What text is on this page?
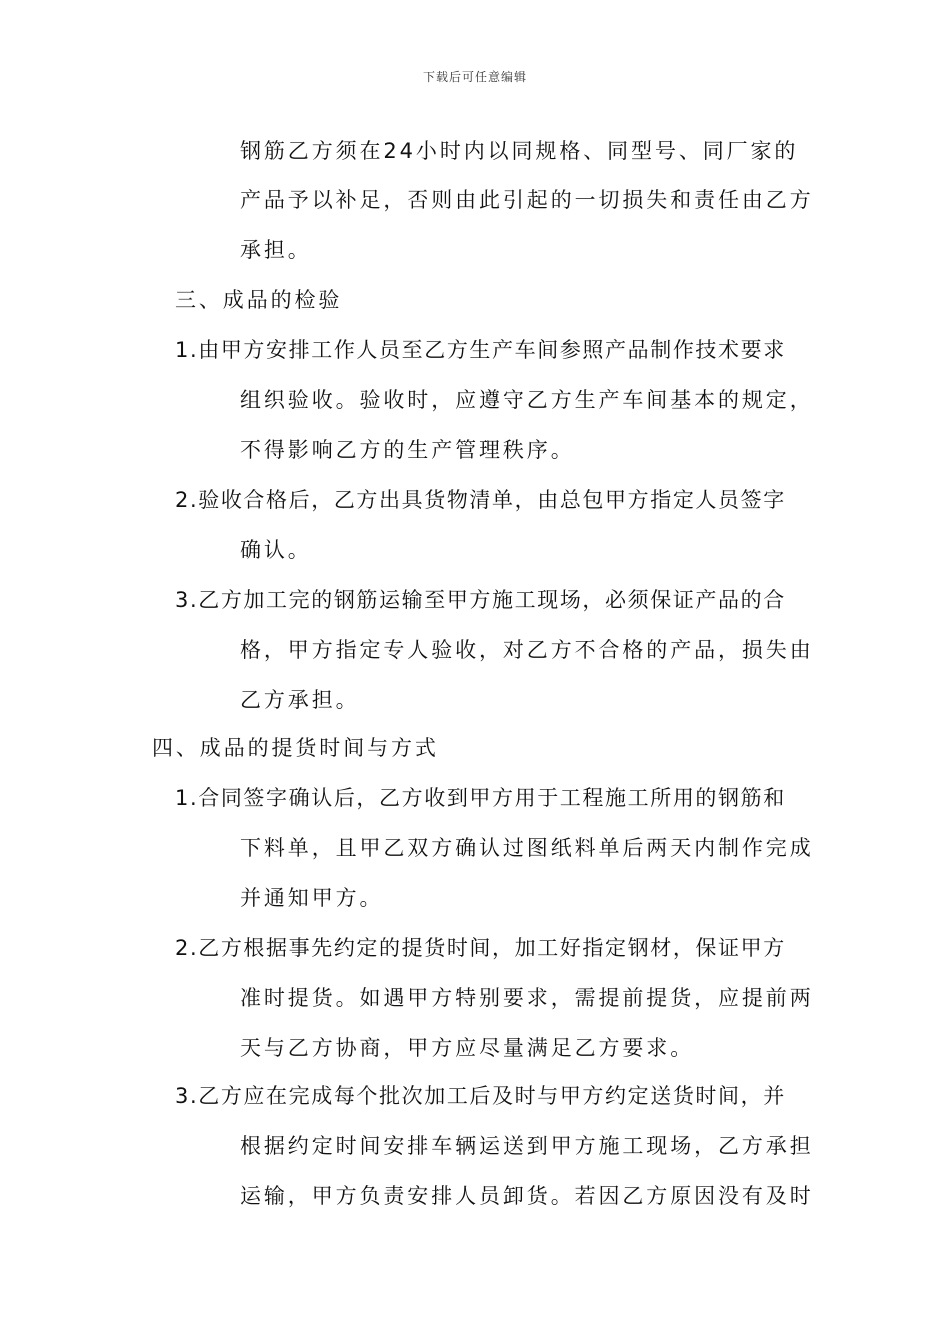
下载后可任意编辑
钢筋乙方须在24小时内以同规格、同型号、同厂家的
产品予以补足，否则由此引起的一切损失和责任由乙方
承担。
三、成品的检验
1.由甲方安排工作人员至乙方生产车间参照产品制作技术要求
组织验收。验收时，应遵守乙方生产车间基本的规定，
不得影响乙方的生产管理秩序。
2.验收合格后，乙方出具货物清单，由总包甲方指定人员签字
确认。
3.乙方加工完的钢筋运输至甲方施工现场，必须保证产品的合
格，甲方指定专人验收，对乙方不合格的产品，损失由
乙方承担。
四、成品的提货时间与方式
1.合同签字确认后，乙方收到甲方用于工程施工所用的钢筋和
下料单，且甲乙双方确认过图纸料单后两天内制作完成
并通知甲方。
2.乙方根据事先约定的提货时间，加工好指定钢材，保证甲方
准时提货。如遇甲方特别要求，需提前提货，应提前两
天与乙方协商，甲方应尽量满足乙方要求。
3.乙方应在完成每个批次加工后及时与甲方约定送货时间，并
根据约定时间安排车辆运送到甲方施工现场，乙方承担
运输，甲方负责安排人员卸货。若因乙方原因没有及时
